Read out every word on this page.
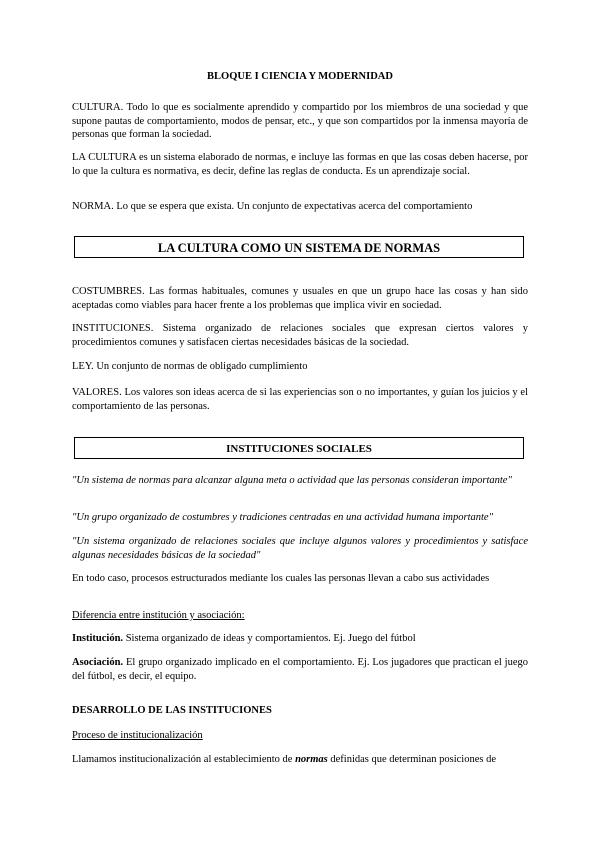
BLOQUE I CIENCIA Y MODERNIDAD

CULTURA. Todo lo que es socialmente aprendido y compartido por los miembros de una sociedad y que supone pautas de comportamiento, modos de pensar, etc., y que son compartidos por la inmensa mayoría de personas que forman la sociedad.

LA CULTURA es un sistema elaborado de normas, e incluye las formas en que las cosas deben hacerse, por lo que la cultura es normativa, es decir, define las reglas de conducta. Es un aprendizaje social.

NORMA. Lo que se espera que exista. Un conjunto de expectativas acerca del comportamiento

LA CULTURA COMO UN SISTEMA DE NORMAS

COSTUMBRES. Las formas habituales, comunes y usuales en que un grupo hace las cosas y han sido aceptadas como viables para hacer frente a los problemas que implica vivir en sociedad.

INSTITUCIONES. Sistema organizado de relaciones sociales que expresan ciertos valores y procedimientos comunes y satisfacen ciertas necesidades básicas de la sociedad.

LEY. Un conjunto de normas de obligado cumplimiento

VALORES. Los valores son ideas acerca de si las experiencias son o no importantes, y guían los juicios y el comportamiento de las personas.

INSTITUCIONES SOCIALES

"Un sistema de normas para alcanzar alguna meta o actividad que las personas consideran importante"

"Un grupo organizado de costumbres y tradiciones centradas en una actividad humana importante"

"Un sistema organizado de relaciones sociales que incluye algunos valores y procedimientos y satisface algunas necesidades básicas de la sociedad"

En todo caso, procesos estructurados mediante los cuales las personas llevan a cabo sus actividades

Diferencia entre institución y asociación:

Institución. Sistema organizado de ideas y comportamientos. Ej. Juego del fútbol

Asociación. El grupo organizado implicado en el comportamiento. Ej. Los jugadores que practican el juego del fútbol, es decir, el equipo.

DESARROLLO DE LAS INSTITUCIONES

Proceso de institucionalización

Llamamos institucionalización al establecimiento de normas definidas que determinan posiciones de
